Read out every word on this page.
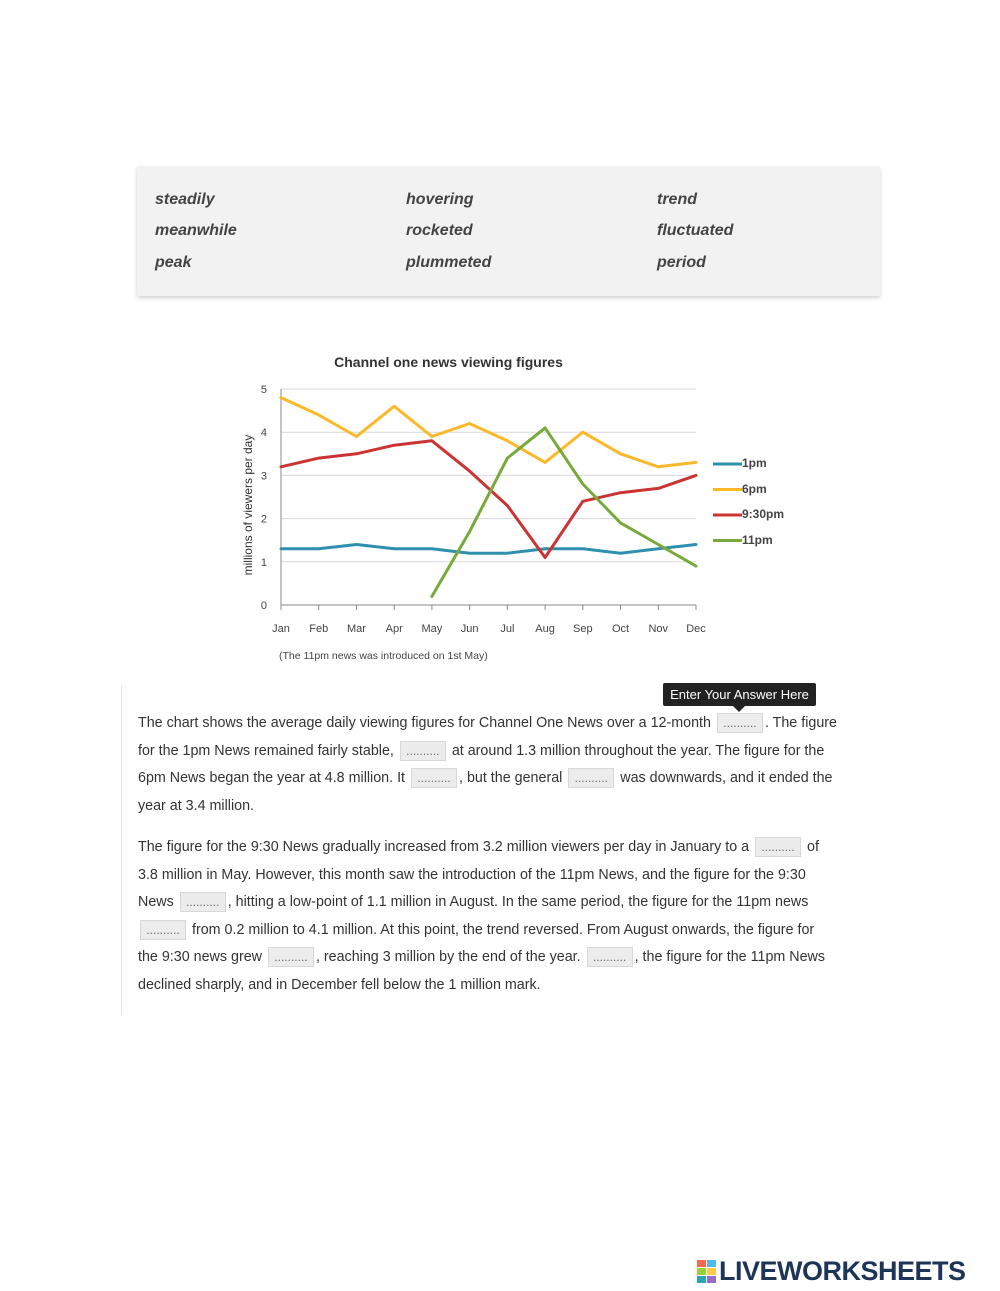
steadily	hovering	trend
meanwhile	rocketed	fluctuated
peak	plummeted	period
Channel one news viewing figures
0
1
2
3
4
5
Jan Feb Mar Apr May Jun Jul Aug Sep Oct Nov Dec
millions of viewers per day
(The 11pm news was introduced on 1st May)
Enter Your Answer Here

The chart shows the average daily viewing figures for Channel One News over a 12-month .......... . The figure for the 1pm News remained fairly stable, .......... at around 1.3 million throughout the year. The figure for the 6pm News began the year at 4.8 million. It .......... , but the general .......... was downwards, and it ended the year at 3.4 million.

The figure for the 9:30 News gradually increased from 3.2 million viewers per day in January to a .......... of 3.8 million in May. However, this month saw the introduction of the 11pm News, and the figure for the 9:30 News .......... , hitting a low-point of 1.1 million in August. In the same period, the figure for the 11pm news .......... from 0.2 million to 4.1 million. At this point, the trend reversed. From August onwards, the figure for the 9:30 news grew .......... , reaching 3 million by the end of the year. .......... , the figure for the 11pm News declined sharply, and in December fell below the 1 million mark.

LIVEWORKSHEETS
1pm
6pm
9:30pm
11pm
